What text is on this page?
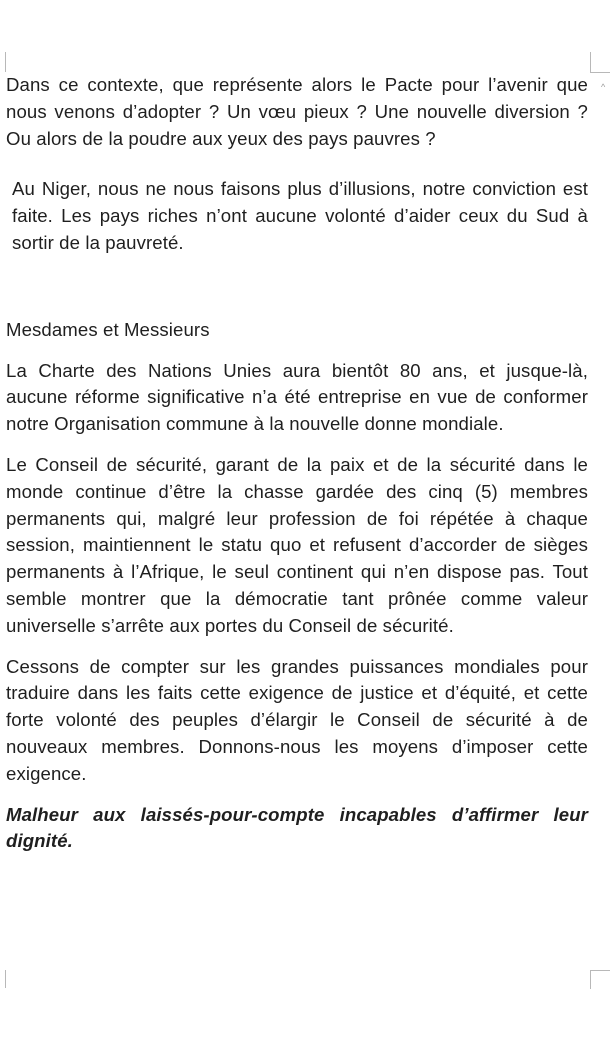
^

Dans ce contexte, que représente alors le Pacte pour l’avenir que nous venons d’adopter ? Un vœu pieux ? Une nouvelle diversion ? Ou alors de la poudre aux yeux des pays pauvres ?

Au Niger, nous ne nous faisons plus d’illusions, notre conviction est faite. Les pays riches n’ont aucune volonté d’aider ceux du Sud à sortir de la pauvreté.

Mesdames et Messieurs

La Charte des Nations Unies aura bientôt 80 ans, et jusque-là, aucune réforme significative n’a été entreprise en vue de conformer notre Organisation commune à la nouvelle donne mondiale.

Le Conseil de sécurité, garant de la paix et de la sécurité dans le monde continue d’être la chasse gardée des cinq (5) membres permanents qui, malgré leur profession de foi répétée à chaque session, maintiennent le statu quo et refusent d’accorder de sièges permanents à l’Afrique, le seul continent qui n’en dispose pas. Tout semble montrer que la démocratie tant prônée comme valeur universelle s’arrête aux portes du Conseil de sécurité.

Cessons de compter sur les grandes puissances mondiales pour traduire dans les faits cette exigence de justice et d’équité, et cette forte volonté des peuples d’élargir le Conseil de sécurité à de nouveaux membres. Donnons-nous les moyens d’imposer cette exigence.

Malheur aux laissés-pour-compte incapables d’affirmer leur dignité.
